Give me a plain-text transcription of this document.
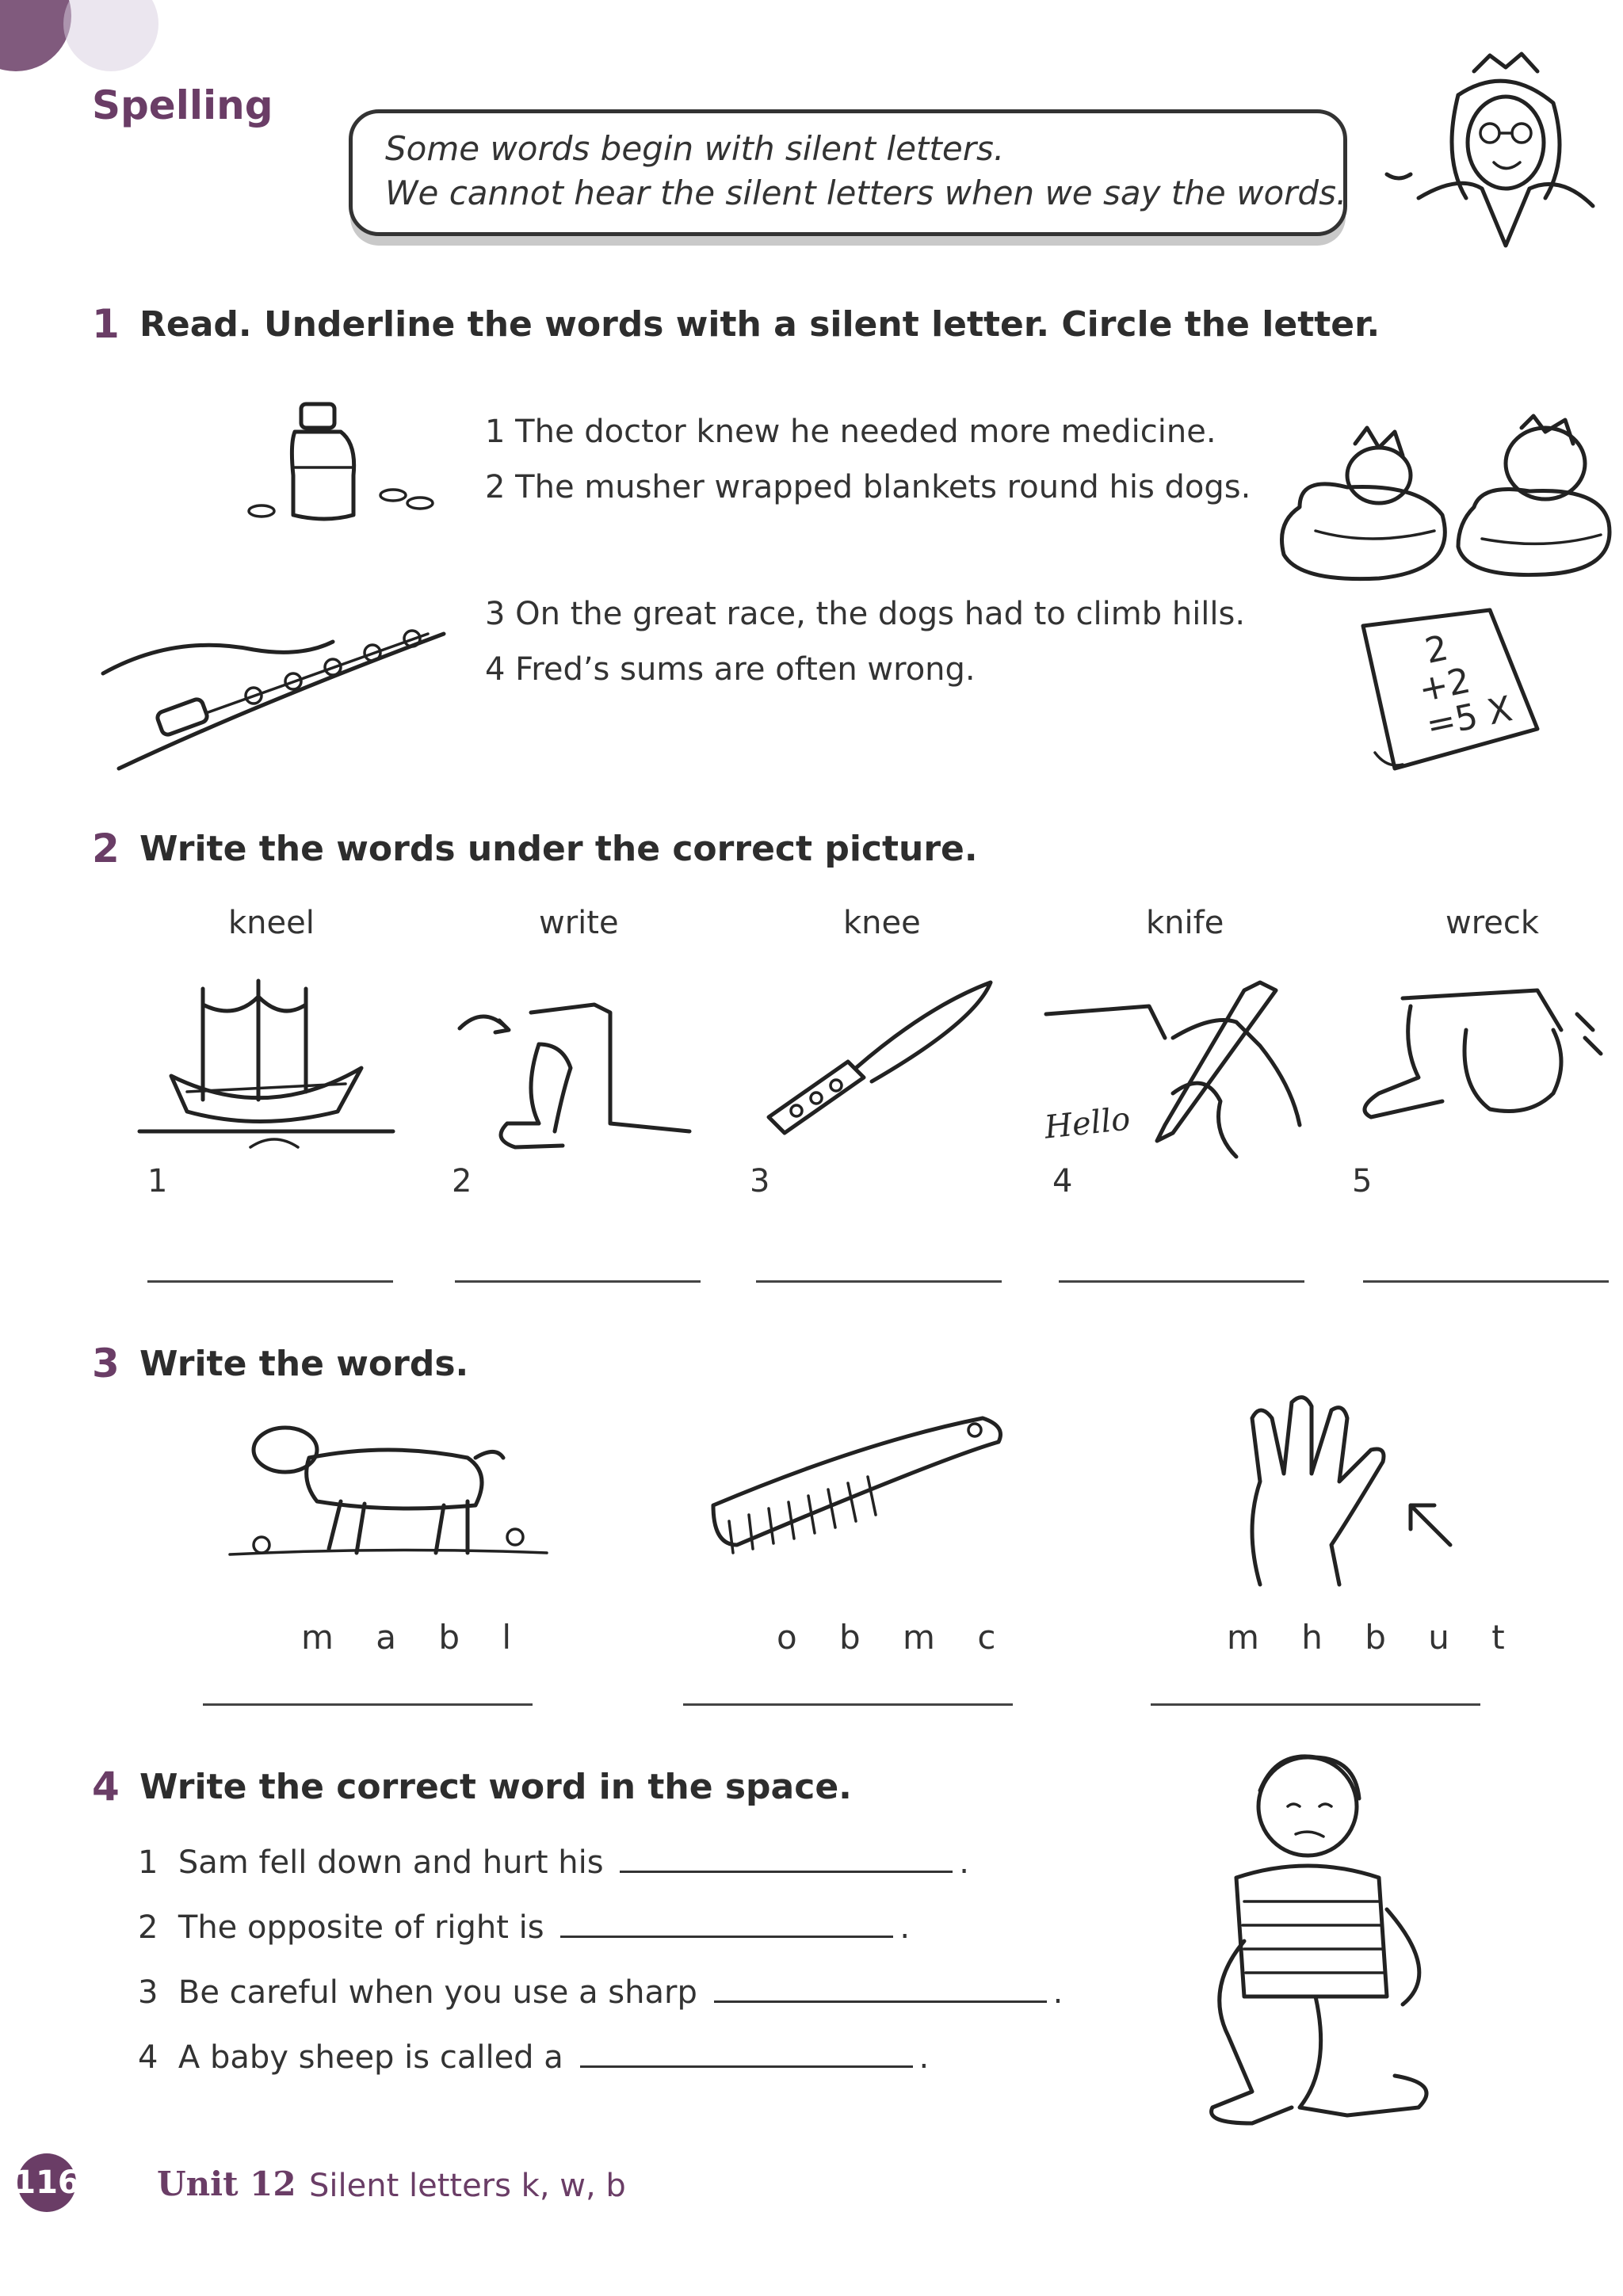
Spelling
Some words begin with silent letters.
We cannot hear the silent letters when we say the words.
1 Read. Underline the words with a silent letter. Circle the letter.
1 The doctor knew he needed more medicine.
2 The musher wrapped blankets round his dogs.
3 On the great race, the dogs had to climb hills.
4 Fred’s sums are often wrong.	2
+2
=5 X
2 Write the words under the correct picture.
kneel	write	knee	knife	wreck
Hello
1	2	3	4	5
3 Write the words.
m a b l	o b m c	m h b u t
4 Write the correct word in the space.
1 Sam fell down and hurt his	.
2 The opposite of right is	.
3 Be careful when you use a sharp	.
4 A baby sheep is called a	.
116 Unit 12 Silent letters k, w, b
